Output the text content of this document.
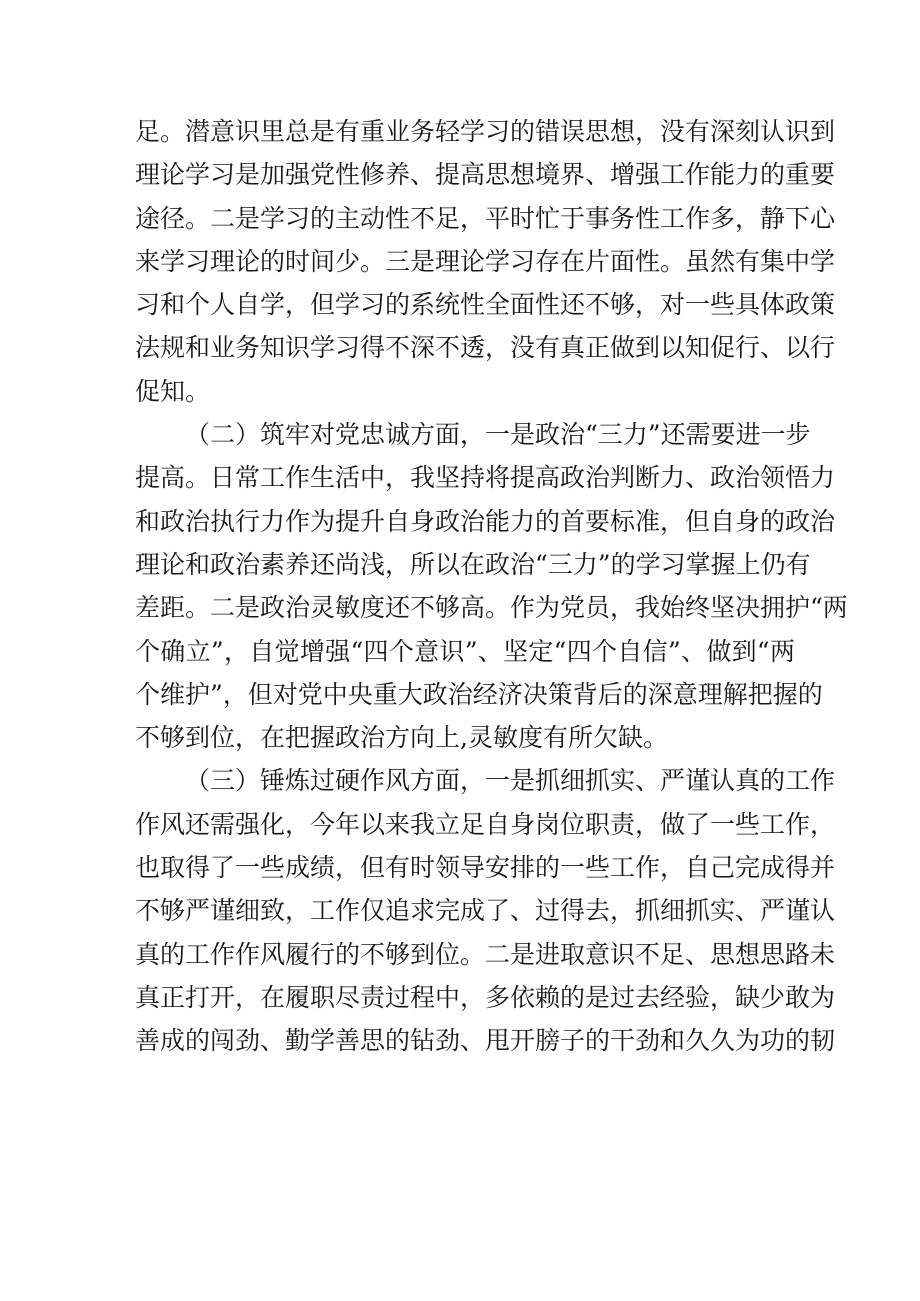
足。潜意识里总是有重业务轻学习的错误思想，没有深刻认识到
理论学习是加强党性修养、提高思想境界、增强工作能力的重要
途径。二是学习的主动性不足，平时忙于事务性工作多，静下心
来学习理论的时间少。三是理论学习存在片面性。虽然有集中学
习和个人自学，但学习的系统性全面性还不够，对一些具体政策
法规和业务知识学习得不深不透，没有真正做到以知促行、以行
促知。
（二）筑牢对党忠诚方面，一是政治“三力”还需要进一步
提高。日常工作生活中，我坚持将提高政治判断力、政治领悟力
和政治执行力作为提升自身政治能力的首要标准，但自身的政治
理论和政治素养还尚浅，所以在政治“三力”的学习掌握上仍有
差距。二是政治灵敏度还不够高。作为党员，我始终坚决拥护“两
个确立”，自觉增强“四个意识”、坚定“四个自信”、做到“两
个维护”，但对党中央重大政治经济决策背后的深意理解把握的
不够到位，在把握政治方向上,灵敏度有所欠缺。
（三）锤炼过硬作风方面，一是抓细抓实、严谨认真的工作
作风还需强化，今年以来我立足自身岗位职责，做了一些工作，
也取得了一些成绩，但有时领导安排的一些工作，自己完成得并
不够严谨细致，工作仅追求完成了、过得去，抓细抓实、严谨认
真的工作作风履行的不够到位。二是进取意识不足、思想思路未
真正打开，在履职尽责过程中，多依赖的是过去经验，缺少敢为
善成的闯劲、勤学善思的钻劲、甩开膀子的干劲和久久为功的韧
